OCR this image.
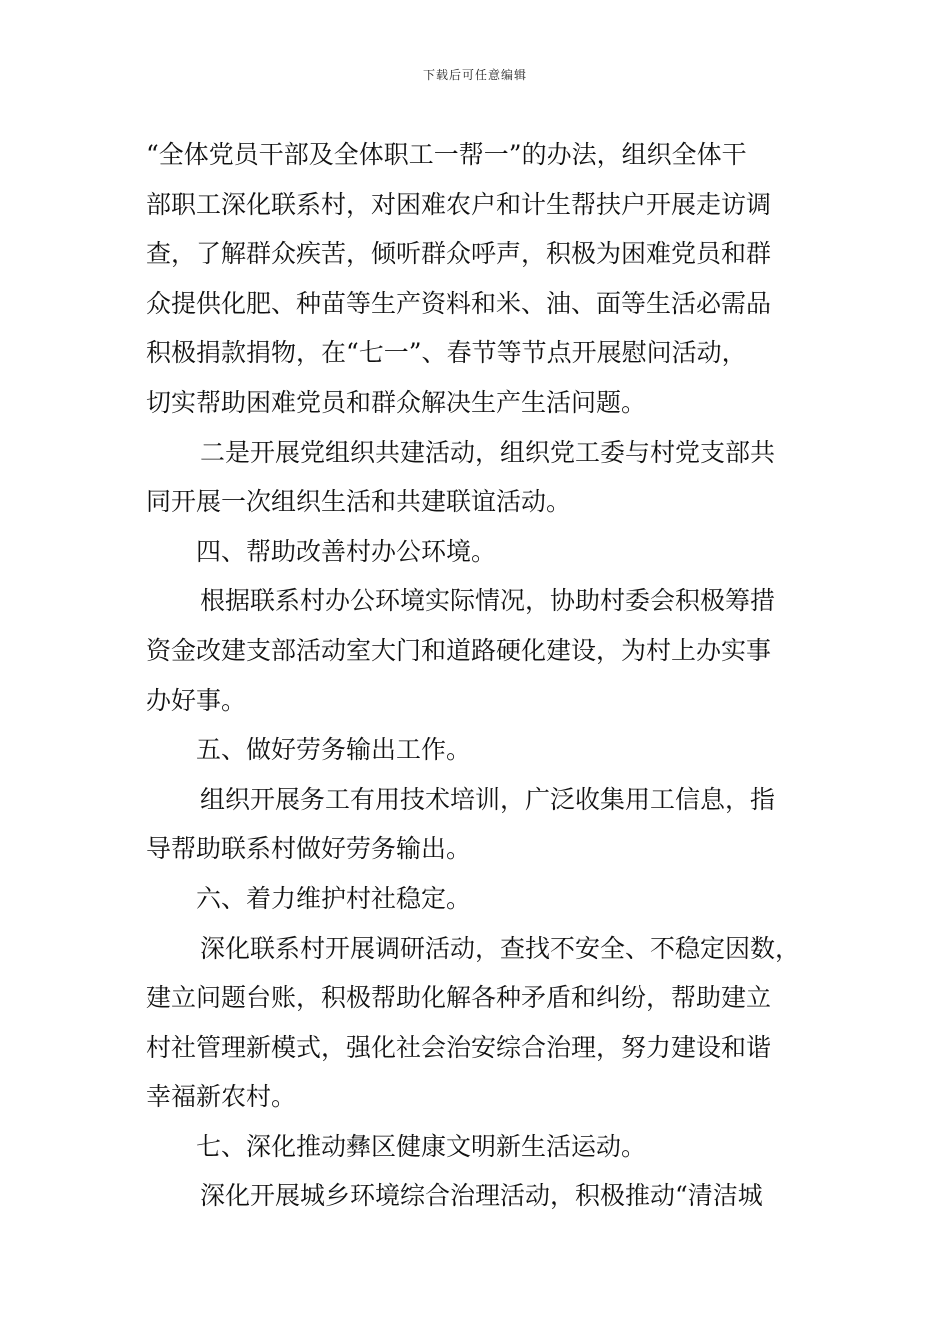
下载后可任意编辑
“全体党员干部及全体职工一帮一”的办法，组织全体干
部职工深化联系村，对困难农户和计生帮扶户开展走访调
查，了解群众疾苦，倾听群众呼声，积极为困难党员和群
众提供化肥、种苗等生产资料和米、油、面等生活必需品
积极捐款捐物，在“七一”、春节等节点开展慰问活动，
切实帮助困难党员和群众解决生产生活问题。
二是开展党组织共建活动，组织党工委与村党支部共
同开展一次组织生活和共建联谊活动。
四、帮助改善村办公环境。
根据联系村办公环境实际情况，协助村委会积极筹措
资金改建支部活动室大门和道路硬化建设，为村上办实事
办好事。
五、做好劳务输出工作。
组织开展务工有用技术培训，广泛收集用工信息，指
导帮助联系村做好劳务输出。
六、着力维护村社稳定。
深化联系村开展调研活动，查找不安全、不稳定因数，
建立问题台账，积极帮助化解各种矛盾和纠纷，帮助建立
村社管理新模式，强化社会治安综合治理，努力建设和谐
幸福新农村。
七、深化推动彝区健康文明新生活运动。
深化开展城乡环境综合治理活动，积极推动“清洁城
